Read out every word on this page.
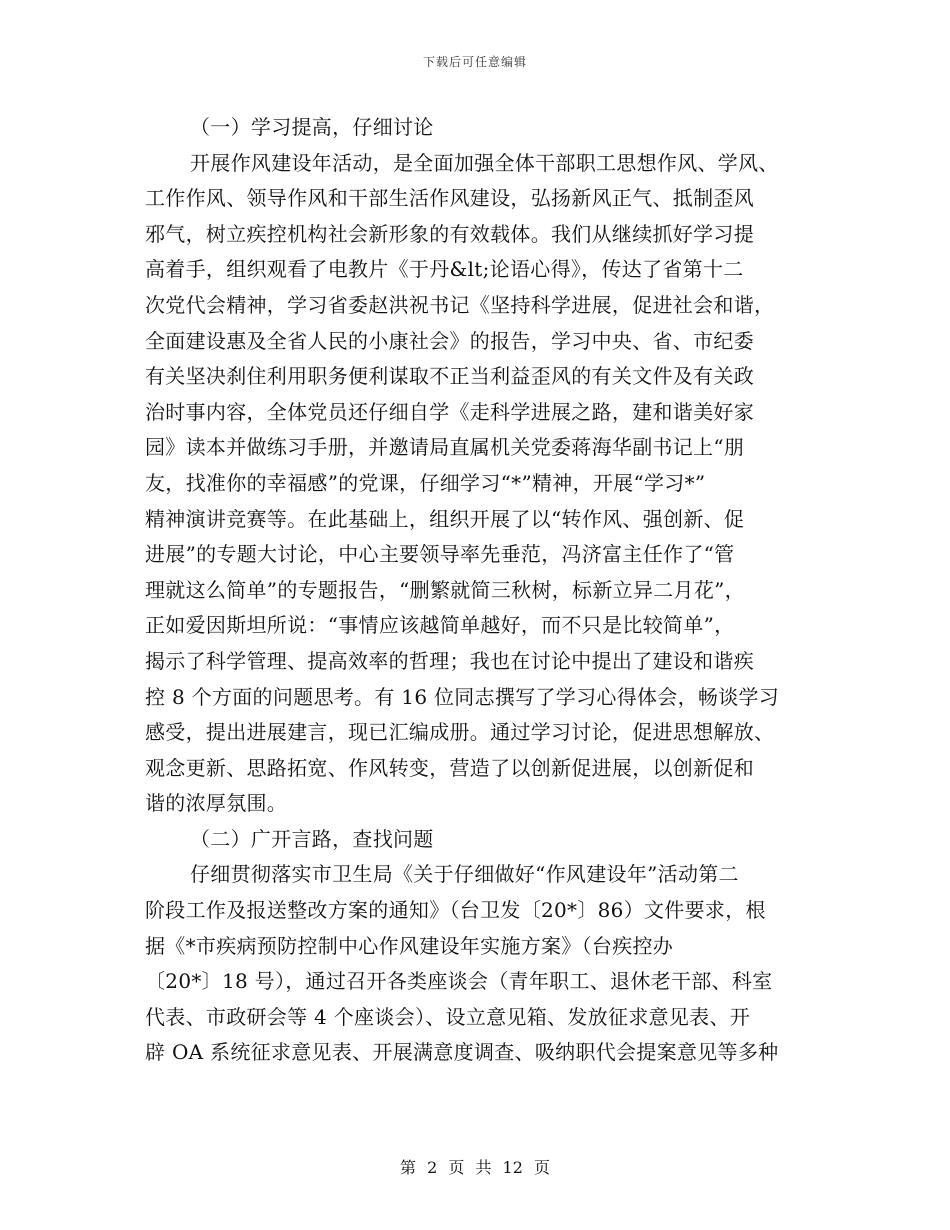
下载后可任意编辑
（一）学习提高，仔细讨论
开展作风建设年活动，是全面加强全体干部职工思想作风、学风、
工作作风、领导作风和干部生活作风建设，弘扬新风正气、抵制歪风
邪气，树立疾控机构社会新形象的有效载体。我们从继续抓好学习提
高着手，组织观看了电教片《于丹&lt;论语心得》，传达了省第十二
次党代会精神，学习省委赵洪祝书记《坚持科学进展，促进社会和谐，
全面建设惠及全省人民的小康社会》的报告，学习中央、省、市纪委
有关坚决刹住利用职务便利谋取不正当利益歪风的有关文件及有关政
治时事内容，全体党员还仔细自学《走科学进展之路，建和谐美好家
园》读本并做练习手册，并邀请局直属机关党委蒋海华副书记上“朋
友，找准你的幸福感”的党课，仔细学习“*”精神，开展“学习*”
精神演讲竞赛等。在此基础上，组织开展了以“转作风、强创新、促
进展”的专题大讨论，中心主要领导率先垂范，冯济富主任作了“管
理就这么简单”的专题报告，“删繁就简三秋树，标新立异二月花”，
正如爱因斯坦所说：“事情应该越简单越好，而不只是比较简单”，
揭示了科学管理、提高效率的哲理；我也在讨论中提出了建设和谐疾
控 8 个方面的问题思考。有 16 位同志撰写了学习心得体会，畅谈学习
感受，提出进展建言，现已汇编成册。通过学习讨论，促进思想解放、
观念更新、思路拓宽、作风转变，营造了以创新促进展，以创新促和
谐的浓厚氛围。
（二）广开言路，查找问题
仔细贯彻落实市卫生局《关于仔细做好“作风建设年”活动第二
阶段工作及报送整改方案的通知》（台卫发〔20*〕86）文件要求，根
据《*市疾病预防控制中心作风建设年实施方案》（台疾控办
〔20*〕18 号），通过召开各类座谈会（青年职工、退休老干部、科室
代表、市政研会等 4 个座谈会）、设立意见箱、发放征求意见表、开
辟 OA 系统征求意见表、开展满意度调查、吸纳职代会提案意见等多种
第 2 页 共 12 页
